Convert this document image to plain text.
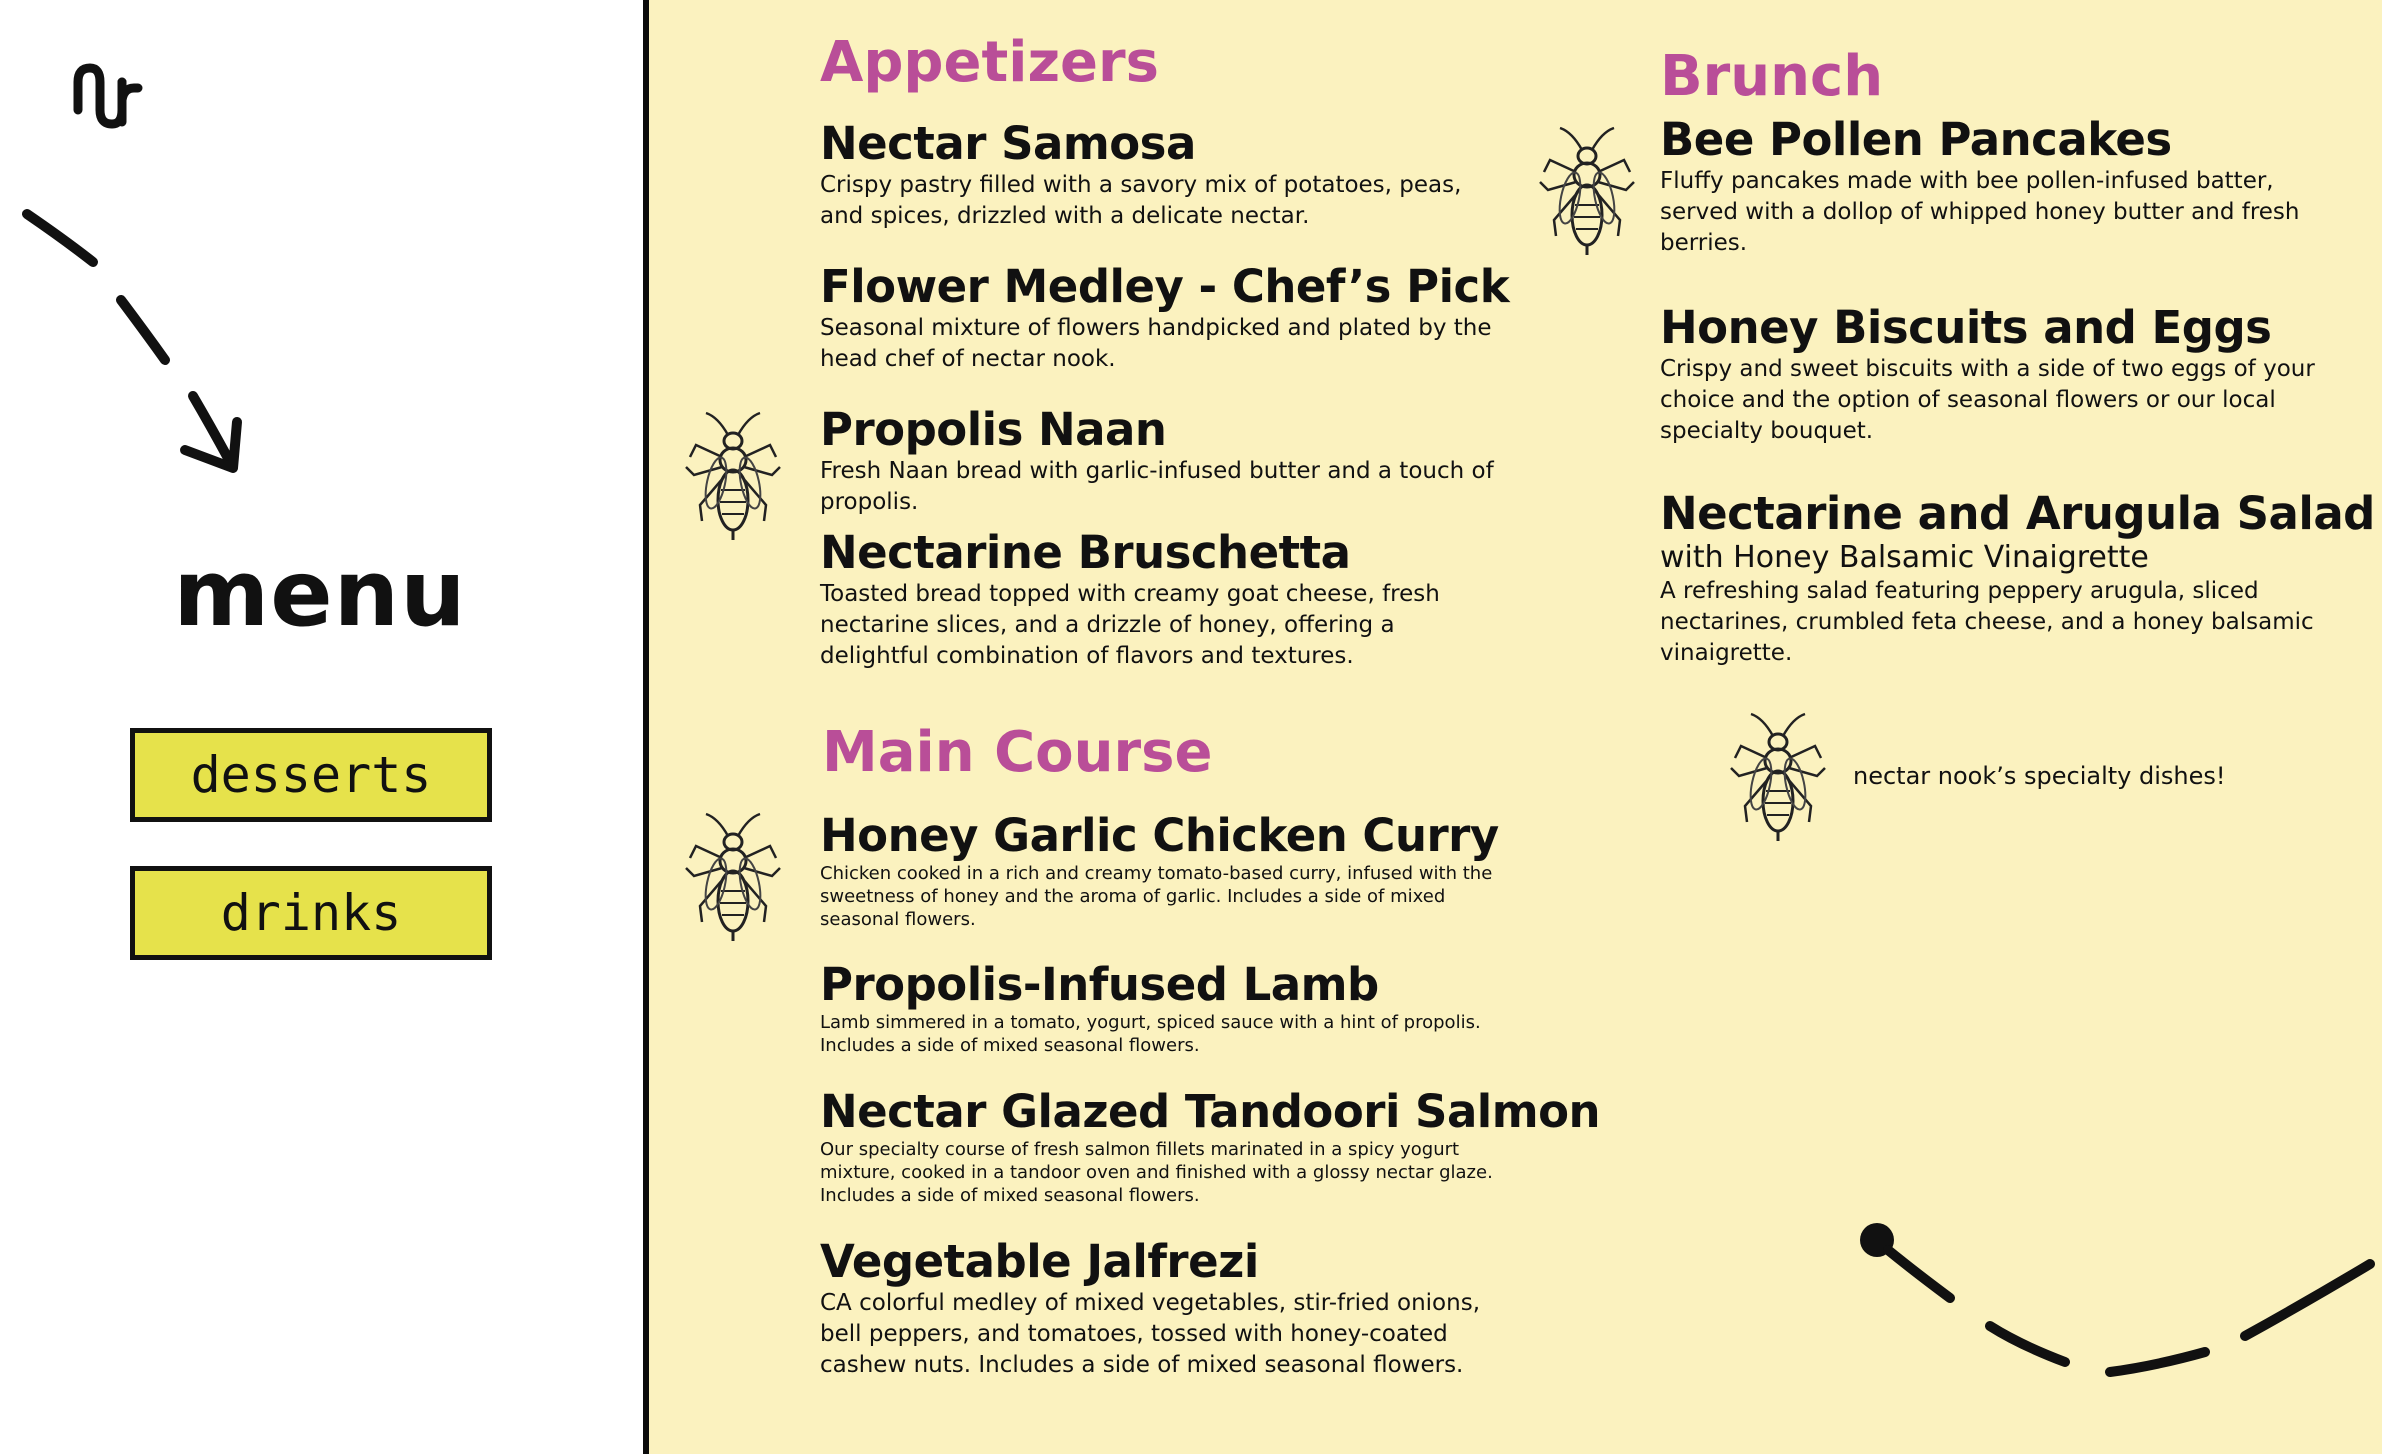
menu
desserts
drinks
Appetizers
Nectar Samosa
Crispy pastry filled with a savory mix of potatoes, peas, and spices, drizzled with a delicate nectar.
Flower Medley - Chef’s Pick
Seasonal mixture of flowers handpicked and plated by the head chef of nectar nook.
Propolis Naan
Fresh Naan bread with garlic-infused butter and a touch of propolis.
Nectarine Bruschetta
Toasted bread topped with creamy goat cheese, fresh nectarine slices, and a drizzle of honey, offering a delightful combination of flavors and textures.
Main Course
Honey Garlic Chicken Curry
Chicken cooked in a rich and creamy tomato-based curry, infused with the sweetness of honey and the aroma of garlic. Includes a side of mixed seasonal flowers.
Propolis-Infused Lamb
Lamb simmered in a tomato, yogurt, spiced sauce with a hint of propolis. Includes a side of mixed seasonal flowers.
Nectar Glazed Tandoori Salmon
Our specialty course of fresh salmon fillets marinated in a spicy yogurt mixture, cooked in a tandoor oven and finished with a glossy nectar glaze. Includes a side of mixed seasonal flowers.
Vegetable Jalfrezi
CA colorful medley of mixed vegetables, stir-fried onions, bell peppers, and tomatoes, tossed with honey-coated cashew nuts. Includes a side of mixed seasonal flowers.
Brunch
Bee Pollen Pancakes
Fluffy pancakes made with bee pollen-infused batter, served with a dollop of whipped honey butter and fresh berries.
Honey Biscuits and Eggs
Crispy and sweet biscuits with a side of two eggs of your choice and the option of seasonal flowers or our local specialty bouquet.
Nectarine and Arugula Salad
with Honey Balsamic Vinaigrette
A refreshing salad featuring peppery arugula, sliced nectarines, crumbled feta cheese, and a honey balsamic vinaigrette.
nectar nook’s specialty dishes!
